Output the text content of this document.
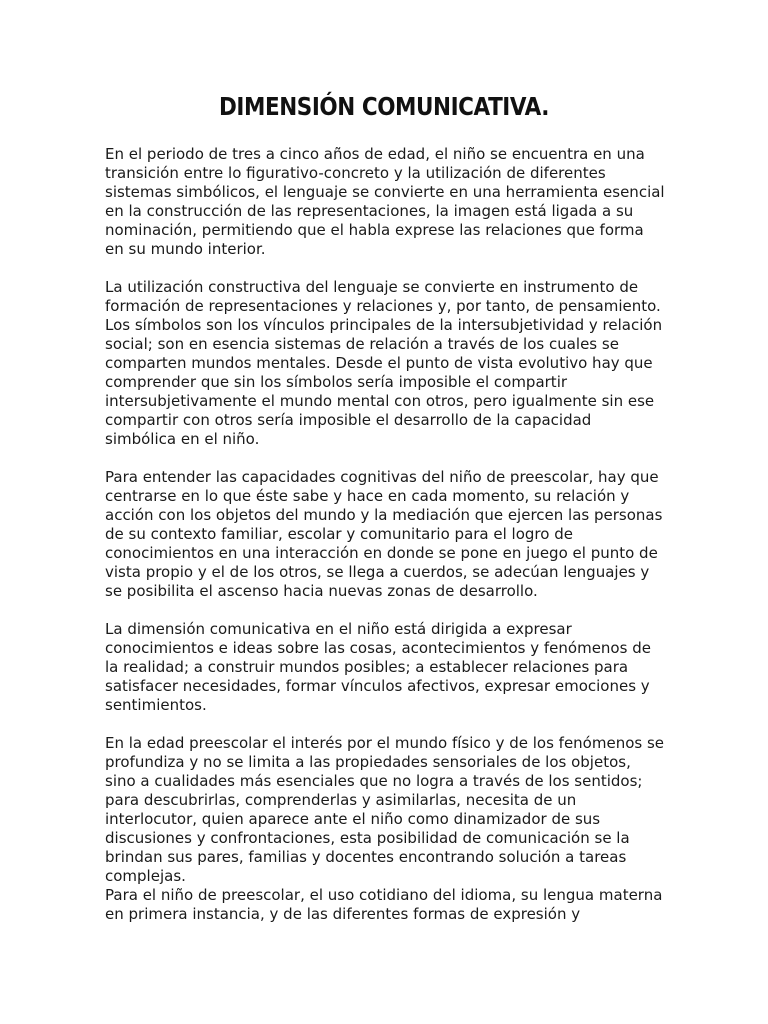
DIMENSIÓN COMUNICATIVA.

En el periodo de tres a cinco años de edad, el niño se encuentra en una transición entre lo figurativo-concreto y la utilización de diferentes sistemas simbólicos, el lenguaje se convierte en una herramienta esencial en la construcción de las representaciones, la imagen está ligada a su nominación, permitiendo que el habla exprese las relaciones que forma en su mundo interior.

La utilización constructiva del lenguaje se convierte en instrumento de formación de representaciones y relaciones y, por tanto, de pensamiento. Los símbolos son los vínculos principales de la intersubjetividad y relación social; son en esencia sistemas de relación a través de los cuales se comparten mundos mentales. Desde el punto de vista evolutivo hay que comprender que sin los símbolos sería imposible el compartir intersubjetivamente el mundo mental con otros, pero igualmente sin ese compartir con otros sería imposible el desarrollo de la capacidad simbólica en el niño.

Para entender las capacidades cognitivas del niño de preescolar, hay que centrarse en lo que éste sabe y hace en cada momento, su relación y acción con los objetos del mundo y la mediación que ejercen las personas de su contexto familiar, escolar y comunitario para el logro de conocimientos en una interacción en donde se pone en juego el punto de vista propio y el de los otros, se llega a cuerdos, se adecúan lenguajes y se posibilita el ascenso hacia nuevas zonas de desarrollo.

La dimensión comunicativa en el niño está dirigida a expresar conocimientos e ideas sobre las cosas, acontecimientos y fenómenos de la realidad; a construir mundos posibles; a establecer relaciones para satisfacer necesidades, formar vínculos afectivos, expresar emociones y sentimientos.

En la edad preescolar el interés por el mundo físico y de los fenómenos se profundiza y no se limita a las propiedades sensoriales de los objetos, sino a cualidades más esenciales que no logra a través de los sentidos; para descubrirlas, comprenderlas y asimilarlas, necesita de un interlocutor, quien aparece ante el niño como dinamizador de sus discusiones y confrontaciones, esta posibilidad de comunicación se la brindan sus pares, familias y docentes encontrando solución a tareas complejas.

Para el niño de preescolar, el uso cotidiano del idioma, su lengua materna en primera instancia, y de las diferentes formas de expresión y
